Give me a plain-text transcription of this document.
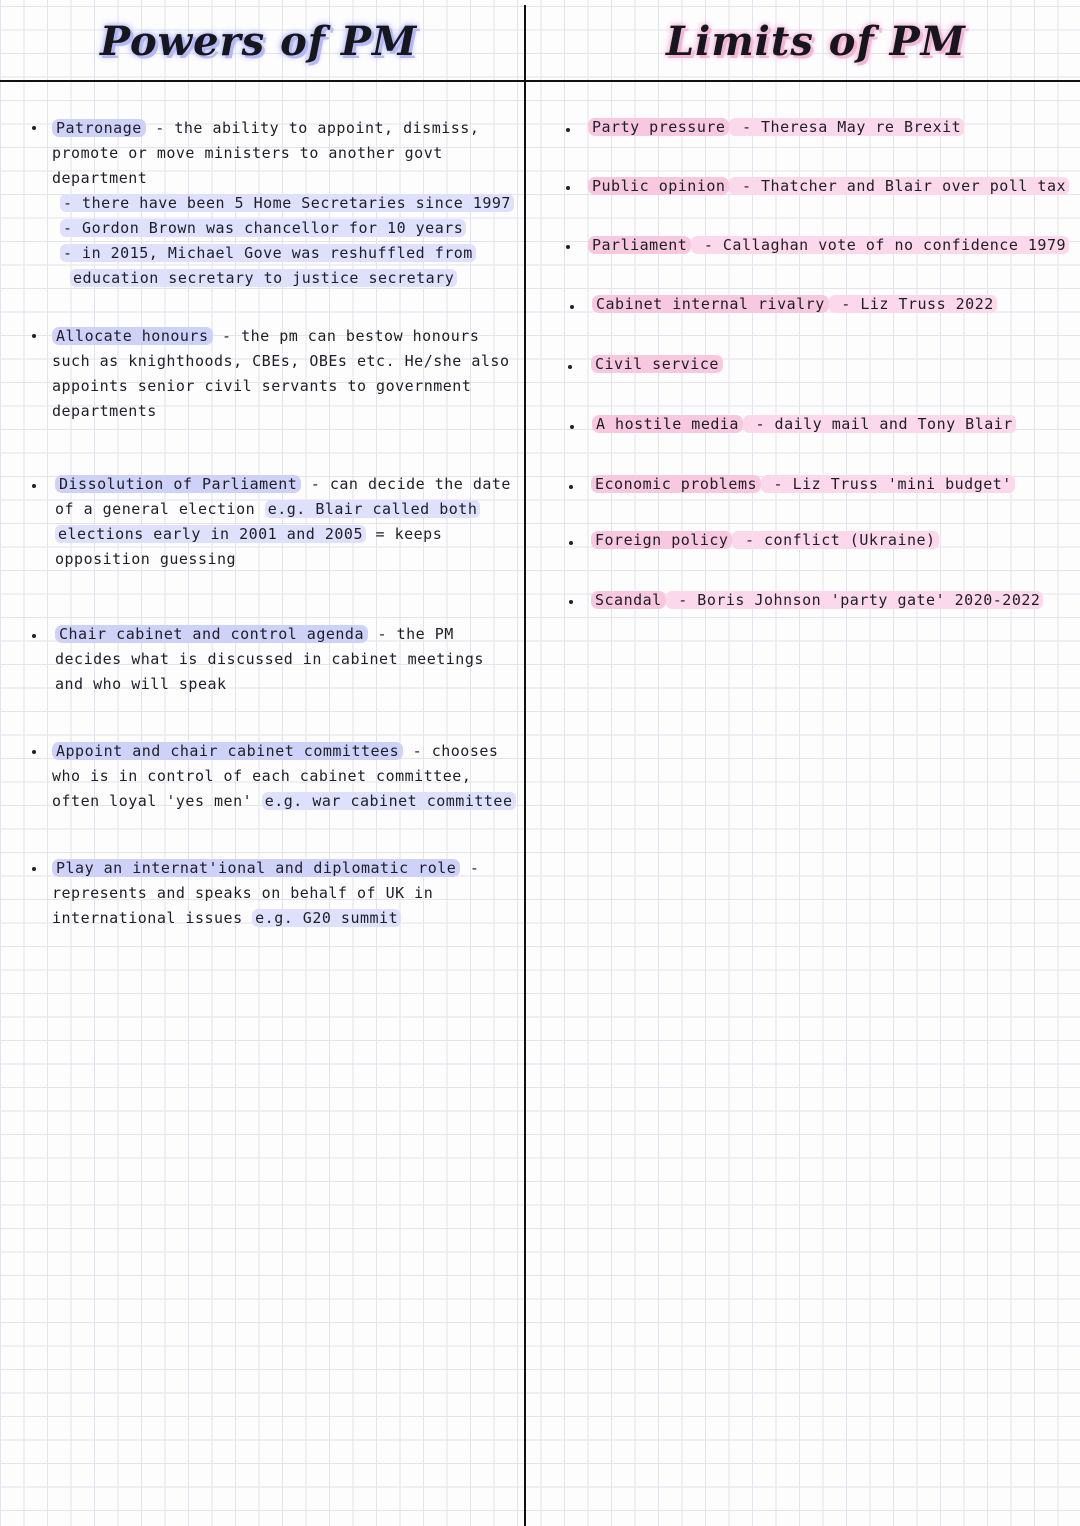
Powers of PM	Limits of PM
Patronage - the ability to appoint, dismiss,
promote or move ministers to another govt
department
- there have been 5 Home Secretaries since 1997
- Gordon Brown was chancellor for 10 years
- in 2015, Michael Gove was reshuffled from
education secretary to justice secretary
Allocate honours - the pm can bestow honours
such as knighthoods, CBEs, OBEs etc. He/she also
appoints senior civil servants to government
departments
Dissolution of Parliament - can decide the date
of a general election e.g. Blair called both
elections early in 2001 and 2005 = keeps
opposition guessing
Chair cabinet and control agenda - the PM
decides what is discussed in cabinet meetings
and who will speak
Appoint and chair cabinet committees - chooses
who is in control of each cabinet committee,
often loyal 'yes men' e.g. war cabinet committee
Play an internat'ional and diplomatic role -
represents and speaks on behalf of UK in
international issues e.g. G20 summit
Party pressure - Theresa May re Brexit
Public opinion - Thatcher and Blair over poll tax
Parliament - Callaghan vote of no confidence 1979
Cabinet internal rivalry - Liz Truss 2022
Civil service
A hostile media - daily mail and Tony Blair
Economic problems - Liz Truss 'mini budget'
Foreign policy - conflict (Ukraine)
Scandal - Boris Johnson 'party gate' 2020-2022
